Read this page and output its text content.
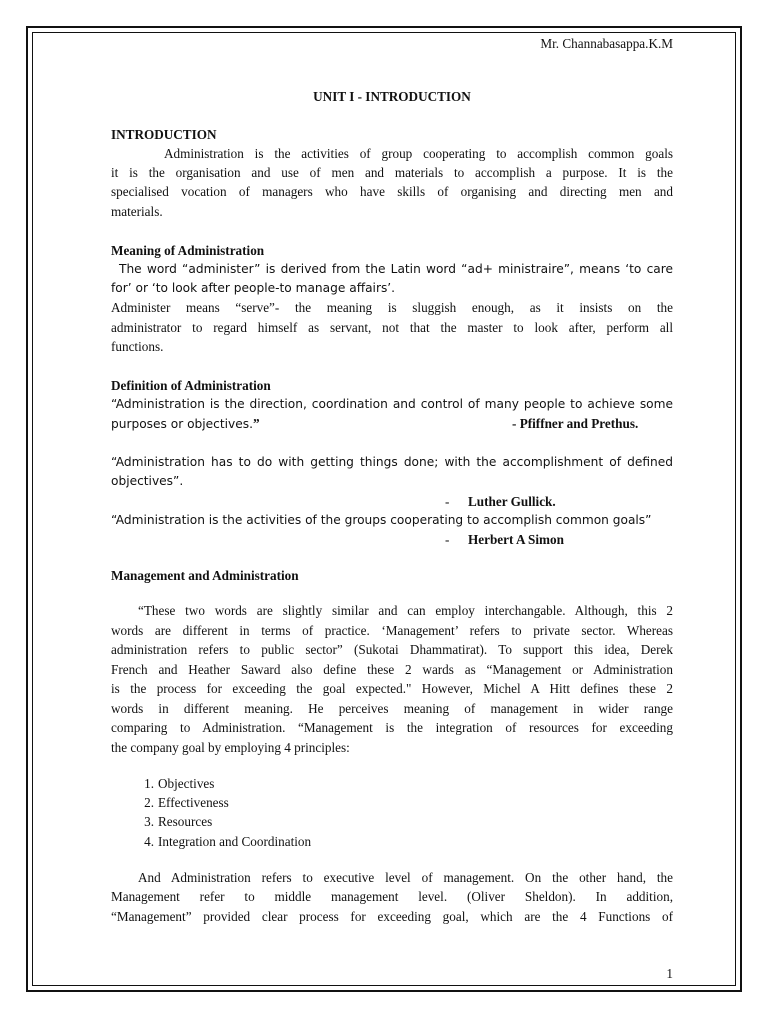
Mr. Channabasappa.K.M
UNIT I - INTRODUCTION
INTRODUCTION
Administration is the activities of group cooperating to accomplish common goals
it is the organisation and use of men and materials to accomplish a purpose. It is the
specialised vocation of managers who have skills of organising and directing men and
materials.
Meaning of Administration
The word “administer” is derived from the Latin word “ad+ ministraire”, means ‘to care
for’ or ‘to look after people-to manage affairs’.
Administer means “serve”- the meaning is sluggish enough, as it insists on the
administrator to regard himself as servant, not that the master to look after, perform all
functions.
Definition of Administration
“Administration is the direction, coordination and control of many people to achieve some
purposes or objectives.”	- Pfiffner and Prethus.
“Administration has to do with getting things done; with the accomplishment of defined
objectives”.
- Luther Gullick.
“Administration is the activities of the groups cooperating to accomplish common goals”
- Herbert A Simon
Management and Administration
“These two words are slightly similar and can employ interchangable. Although, this 2
words are different in terms of practice. ‘Management’ refers to private sector. Whereas
administration refers to public sector” (Sukotai Dhammatirat). To support this idea, Derek
French and Heather Saward also define these 2 wards as “Management or Administration
is the process for exceeding the goal expected." However, Michel A Hitt defines these 2
words in different meaning. He perceives meaning of management in wider range
comparing to Administration. “Management is the integration of resources for exceeding
the company goal by employing 4 principles:
1. Objectives
2. Effectiveness
3. Resources
4. Integration and Coordination
And Administration refers to executive level of management. On the other hand, the
Management refer to middle management level. (Oliver Sheldon). In addition,
“Management” provided clear process for exceeding goal, which are the 4 Functions of
1
